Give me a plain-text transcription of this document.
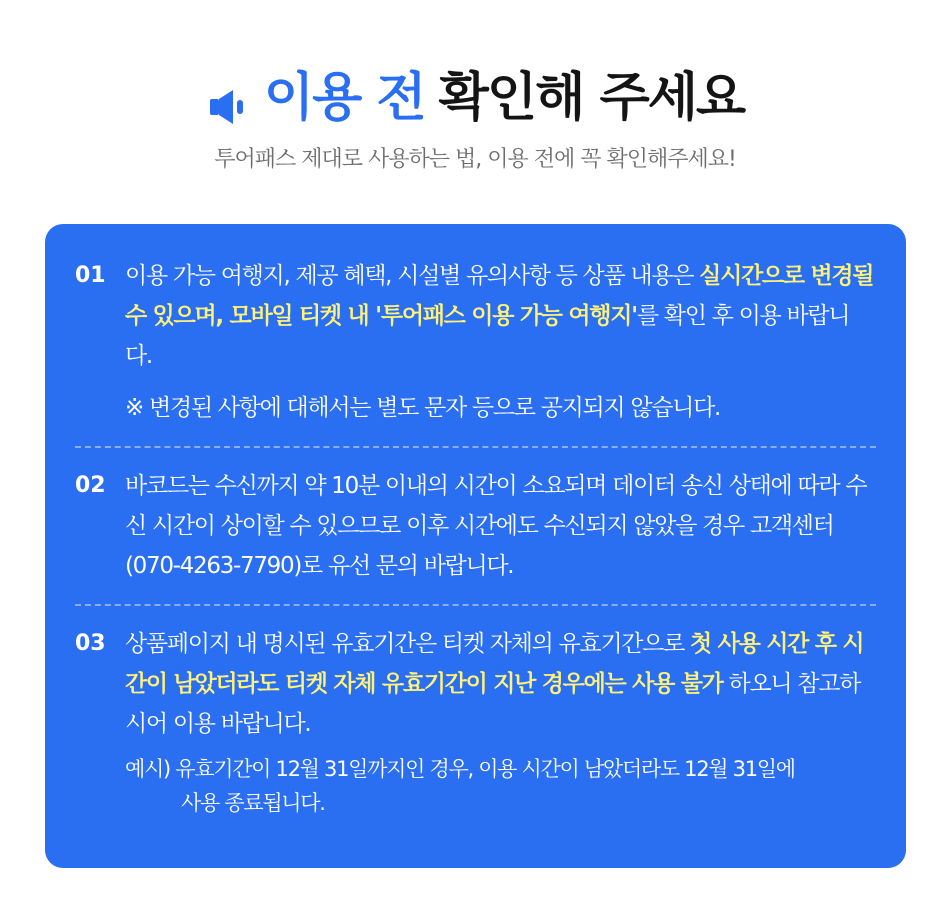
이용 전 확인해 주세요
투어패스 제대로 사용하는 법, 이용 전에 꼭 확인해주세요!
01 이용 가능 여행지, 제공 혜택, 시설별 유의사항 등 상품 내용은 실시간으로 변경될 수 있으며, 모바일 티켓 내 '투어패스 이용 가능 여행지'를 확인 후 이용 바랍니다.
※ 변경된 사항에 대해서는 별도 문자 등으로 공지되지 않습니다.
02 바코드는 수신까지 약 10분 이내의 시간이 소요되며 데이터 송신 상태에 따라 수신 시간이 상이할 수 있으므로 이후 시간에도 수신되지 않았을 경우 고객센터(070-4263-7790)로 유선 문의 바랍니다.
03 상품페이지 내 명시된 유효기간은 티켓 자체의 유효기간으로 첫 사용 시간 후 시간이 남았더라도 티켓 자체 유효기간이 지난 경우에는 사용 불가 하오니 참고하시어 이용 바랍니다.
예시) 유효기간이 12월 31일까지인 경우, 이용 시간이 남았더라도 12월 31일에
사용 종료됩니다.
